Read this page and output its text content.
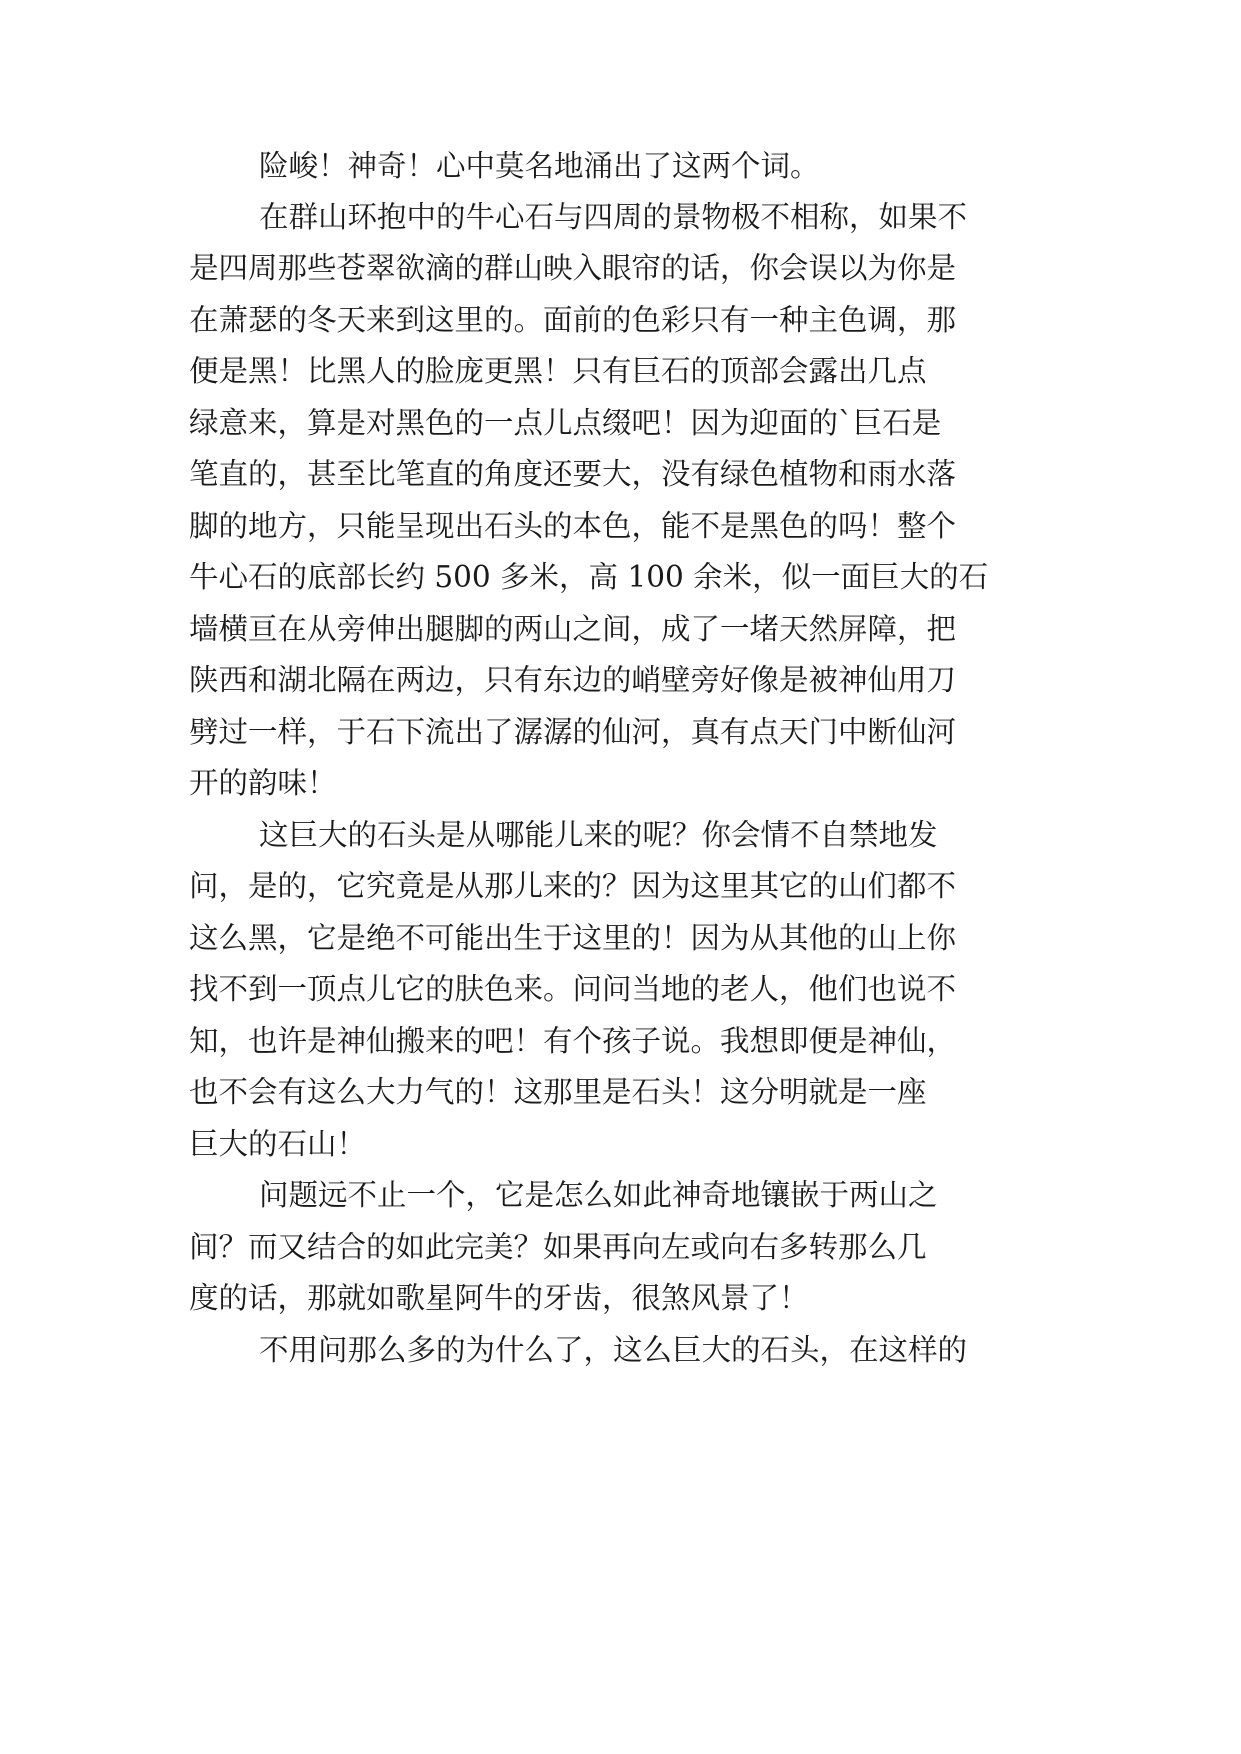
险峻！神奇！心中莫名地涌出了这两个词。
在群山环抱中的牛心石与四周的景物极不相称，如果不
是四周那些苍翠欲滴的群山映入眼帘的话，你会误以为你是
在萧瑟的冬天来到这里的。面前的色彩只有一种主色调，那
便是黑！比黑人的脸庞更黑！只有巨石的顶部会露出几点
绿意来，算是对黑色的一点儿点缀吧！因为迎面的`巨石是
笔直的，甚至比笔直的角度还要大，没有绿色植物和雨水落
脚的地方，只能呈现出石头的本色，能不是黑色的吗！整个
牛心石的底部长约 500 多米，高 100 余米，似一面巨大的石
墙横亘在从旁伸出腿脚的两山之间，成了一堵天然屏障，把
陕西和湖北隔在两边，只有东边的峭壁旁好像是被神仙用刀
劈过一样，于石下流出了潺潺的仙河，真有点天门中断仙河
开的韵味！
这巨大的石头是从哪能儿来的呢？你会情不自禁地发
问，是的，它究竟是从那儿来的？因为这里其它的山们都不
这么黑，它是绝不可能出生于这里的！因为从其他的山上你
找不到一顶点儿它的肤色来。问问当地的老人，他们也说不
知，也许是神仙搬来的吧！有个孩子说。我想即便是神仙，
也不会有这么大力气的！这那里是石头！这分明就是一座
巨大的石山！
问题远不止一个，它是怎么如此神奇地镶嵌于两山之
间？而又结合的如此完美？如果再向左或向右多转那么几
度的话，那就如歌星阿牛的牙齿，很煞风景了！
不用问那么多的为什么了，这么巨大的石头，在这样的
